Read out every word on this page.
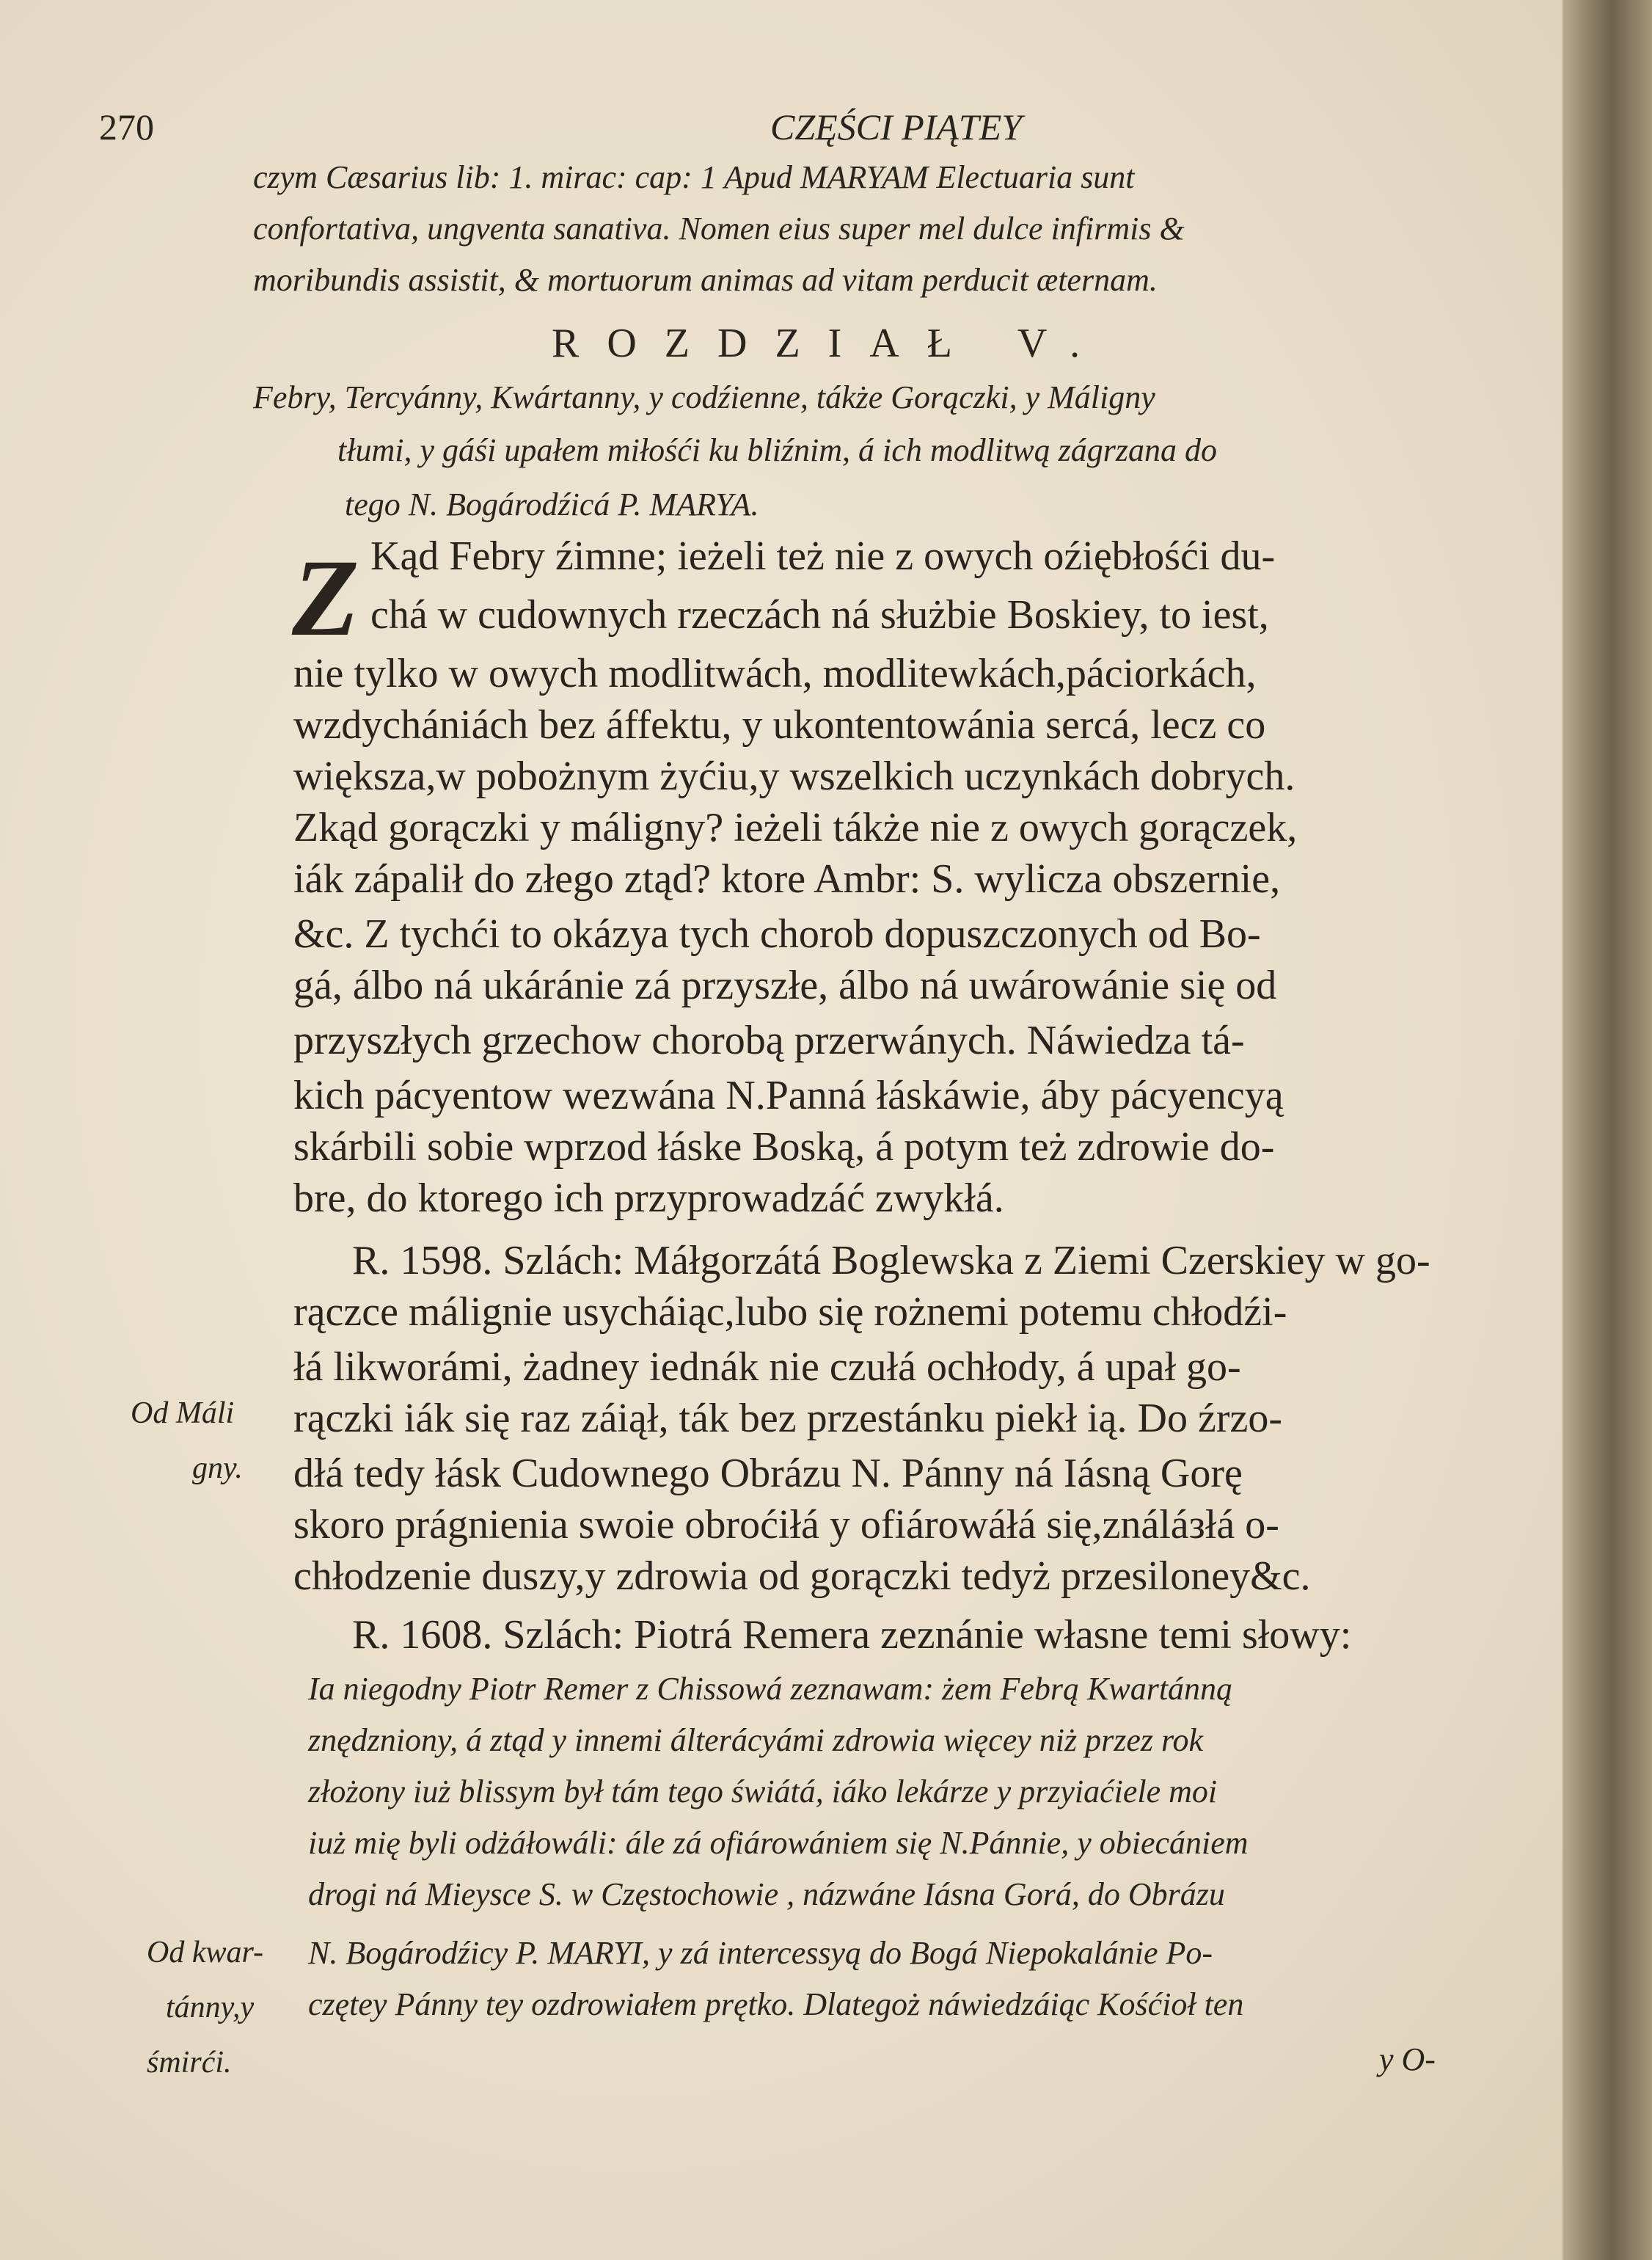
270	CZĘŚCI PIĄTEY
czym Cæsarius lib: 1. mirac: cap: 1 Apud MARYAM Electuaria sunt
confortativa, ungventa sanativa. Nomen eius super mel dulce infirmis &
moribundis assistit, & mortuorum animas ad vitam perducit æternam.
ROZDZIAŁ V.
Febry, Tercyánny, Kwártanny, y codźienne, tákże Gorączki, y Máligny
tłumi, y gáśi upałem miłośći ku bliźnim, á ich modlitwą zágrzana do
tego N. Bogárodźicá P. MARYA.
Z Kąd Febry źimne; ieżeli też nie z owych oźiębłośći du-
chá w cudownych rzeczách ná służbie Boskiey, to iest,
nie tylko w owych modlitwách, modlitewkách,páciorkách,
wzdychániách bez áffektu, y ukontentowánia sercá, lecz co
większa,w pobożnym żyćiu,y wszelkich uczynkách dobrych.
Zkąd gorączki y máligny? ieżeli tákże nie z owych gorączek,
iák zápalił do złego ztąd? ktore Ambr: S. wylicza obszernie,
&c. Z tychći to okázya tych chorob dopuszczonych od Bo-
gá, álbo ná ukáránie zá przyszłe, álbo ná uwárowánie się od
przyszłych grzechow chorobą przerwánych. Náwiedza tá-
kich pácyentow wezwána N.Panná łáskáwie, áby pácyencyą
skárbili sobie wprzod łáske Boską, á potym też zdrowie do-
bre, do ktorego ich przyprowadzáć zwykłá.
R. 1598. Szlách: Máłgorzátá Boglewska z Ziemi Czerskiey w go-
rączce málignie usycháiąc,lubo się rożnemi potemu chłodźi-
łá likworámi, żadney iednák nie czułá ochłody, á upał go-
rączki iák się raz záiął, ták bez przestánku piekł ią. Do źrzo-
dłá tedy łásk Cudownego Obrázu N. Pánny ná Iásną Gorę
skoro prágnienia swoie obroćiłá y ofiárowáłá się,ználáзłá o-
chłodzenie duszy,y zdrowia od gorączki tedyż przesiloney&c.
R. 1608. Szlách: Piotrá Remera zeznánie własne temi słowy:
Ia niegodny Piotr Remer z Chissowá zeznawam: żem Febrą Kwartánną
znędzniony, á ztąd y innemi álterácyámi zdrowia więcey niż przez rok
złożony iuż blissym był tám tego świátá, iáko lekárze y przyiaćiele moi
iuż mię byli odżáłowáli: ále zá ofiárowániem się N.Pánnie, y obiecániem
drogi ná Mieysce S. w Częstochowie , názwáne Iásna Gorá, do Obrázu
N. Bogárodźicy P. MARYI, y zá intercessyą do Bogá Niepokalánie Po-
czętey Pánny tey ozdrowiałem prętko. Dlategoż náwiedzáiąc Kośćioł ten
y O-
Od Máli
gny.
Od kwar-
tánny,y
śmirći.
